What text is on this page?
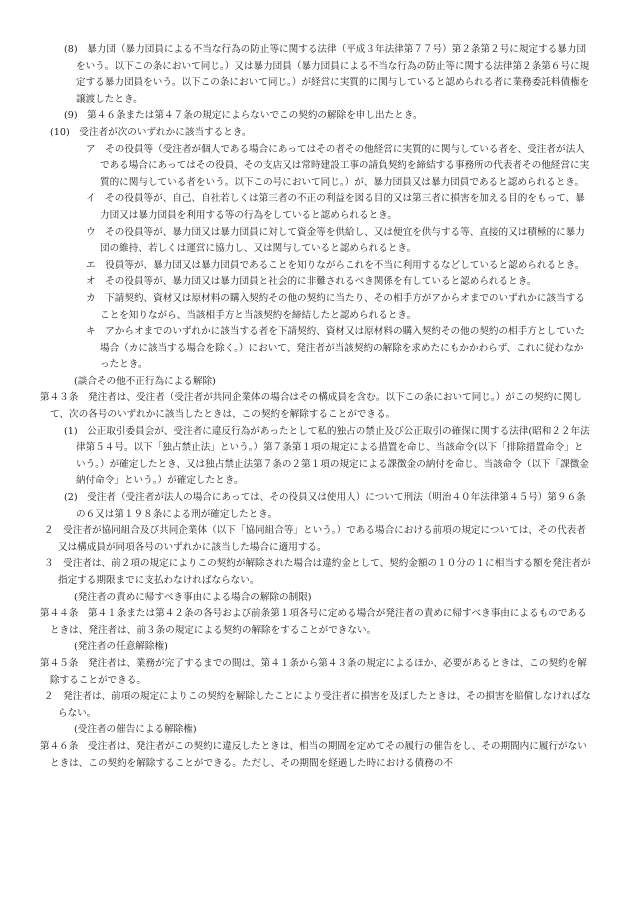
(8)　暴力団（暴力団員による不当な行為の防止等に関する法律（平成３年法律第７７号）第２条第２号に規定する暴力団をいう。以下この条において同じ。）又は暴力団員（暴力団員による不当な行為の防止等に関する法律第２条第６号に規定する暴力団員をいう。以下この条において同じ。）が経営に実質的に関与していると認められる者に業務委託料債権を譲渡したとき。

(9)　第４６条または第４７条の規定によらないでこの契約の解除を申し出たとき。

(10)　受注者が次のいずれかに該当するとき。

ア　その役員等（受注者が個人である場合にあってはその者その他経営に実質的に関与している者を、受注者が法人である場合にあってはその役員、その支店又は常時建設工事の請負契約を締結する事務所の代表者その他経営に実質的に関与している者をいう。以下この号において同じ。）が、暴力団員又は暴力団員であると認められるとき。

イ　その役員等が、自己、自社若しくは第三者の不正の利益を図る目的又は第三者に損害を加える目的をもって、暴力団又は暴力団員を利用する等の行為をしていると認められるとき。

ウ　その役員等が、暴力団又は暴力団員に対して資金等を供給し、又は便宜を供与する等、直接的又は積極的に暴力団の維持、若しくは運営に協力し、又は関与していると認められるとき。

エ　役員等が、暴力団又は暴力団員であることを知りながらこれを不当に利用するなどしていると認められるとき。

オ　その役員等が、暴力団又は暴力団員と社会的に非難されるべき関係を有していると認められるとき。

カ　下請契約、資材又は原材料の購入契約その他の契約に当たり、その相手方がアからオまでのいずれかに該当することを知りながら、当該相手方と当該契約を締結したと認められるとき。

キ　アからオまでのいずれかに該当する者を下請契約、資材又は原材料の購入契約その他の契約の相手方としていた場合（カに該当する場合を除く。）において、発注者が当該契約の解除を求めたにもかかわらず、これに従わなかったとき。

(談合その他不正行為による解除)

第４３条　発注者は、受注者（受注者が共同企業体の場合はその構成員を含む。以下この条において同じ。）がこの契約に関して、次の各号のいずれかに該当したときは、この契約を解除することができる。

(1)　公正取引委員会が、受注者に違反行為があったとして私的独占の禁止及び公正取引の確保に関する法律(昭和２２年法律第５４号。以下「独占禁止法」という。）第７条第１項の規定による措置を命じ、当該命令(以下「排除措置命令」という。）が確定したとき、又は独占禁止法第７条の２第１項の規定による課徴金の納付を命じ、当該命令（以下「課徴金納付命令」という。）が確定したとき。

(2)　受注者（受注者が法人の場合にあっては、その役員又は使用人）について刑法（明治４０年法律第４５号）第９６条の６又は第１９８条による刑が確定したとき。

２　受注者が協同組合及び共同企業体（以下「協同組合等」という。）である場合における前項の規定については、その代表者又は構成員が同項各号のいずれかに該当した場合に適用する。

３　受注者は、前２項の規定によりこの契約が解除された場合は違約金として、契約金額の１０分の１に相当する額を発注者が指定する期限までに支払わなければならない。

(発注者の責めに帰すべき事由による場合の解除の制限)

第４４条　第４１条または第４２条の各号および前条第１項各号に定める場合が発注者の責めに帰すべき事由によるものであるときは、発注者は、前３条の規定による契約の解除をすることができない。

(発注者の任意解除権)

第４５条　発注者は、業務が完了するまでの間は、第４１条から第４３条の規定によるほか、必要があるときは、この契約を解除することができる。

２　発注者は、前項の規定によりこの契約を解除したことにより受注者に損害を及ぼしたときは、その損害を賠償しなければならない。

(受注者の催告による解除権)

第４６条　受注者は、発注者がこの契約に違反したときは、相当の期間を定めてその履行の催告をし、その期間内に履行がないときは、この契約を解除することができる。ただし、その期間を経過した時における債務の不
